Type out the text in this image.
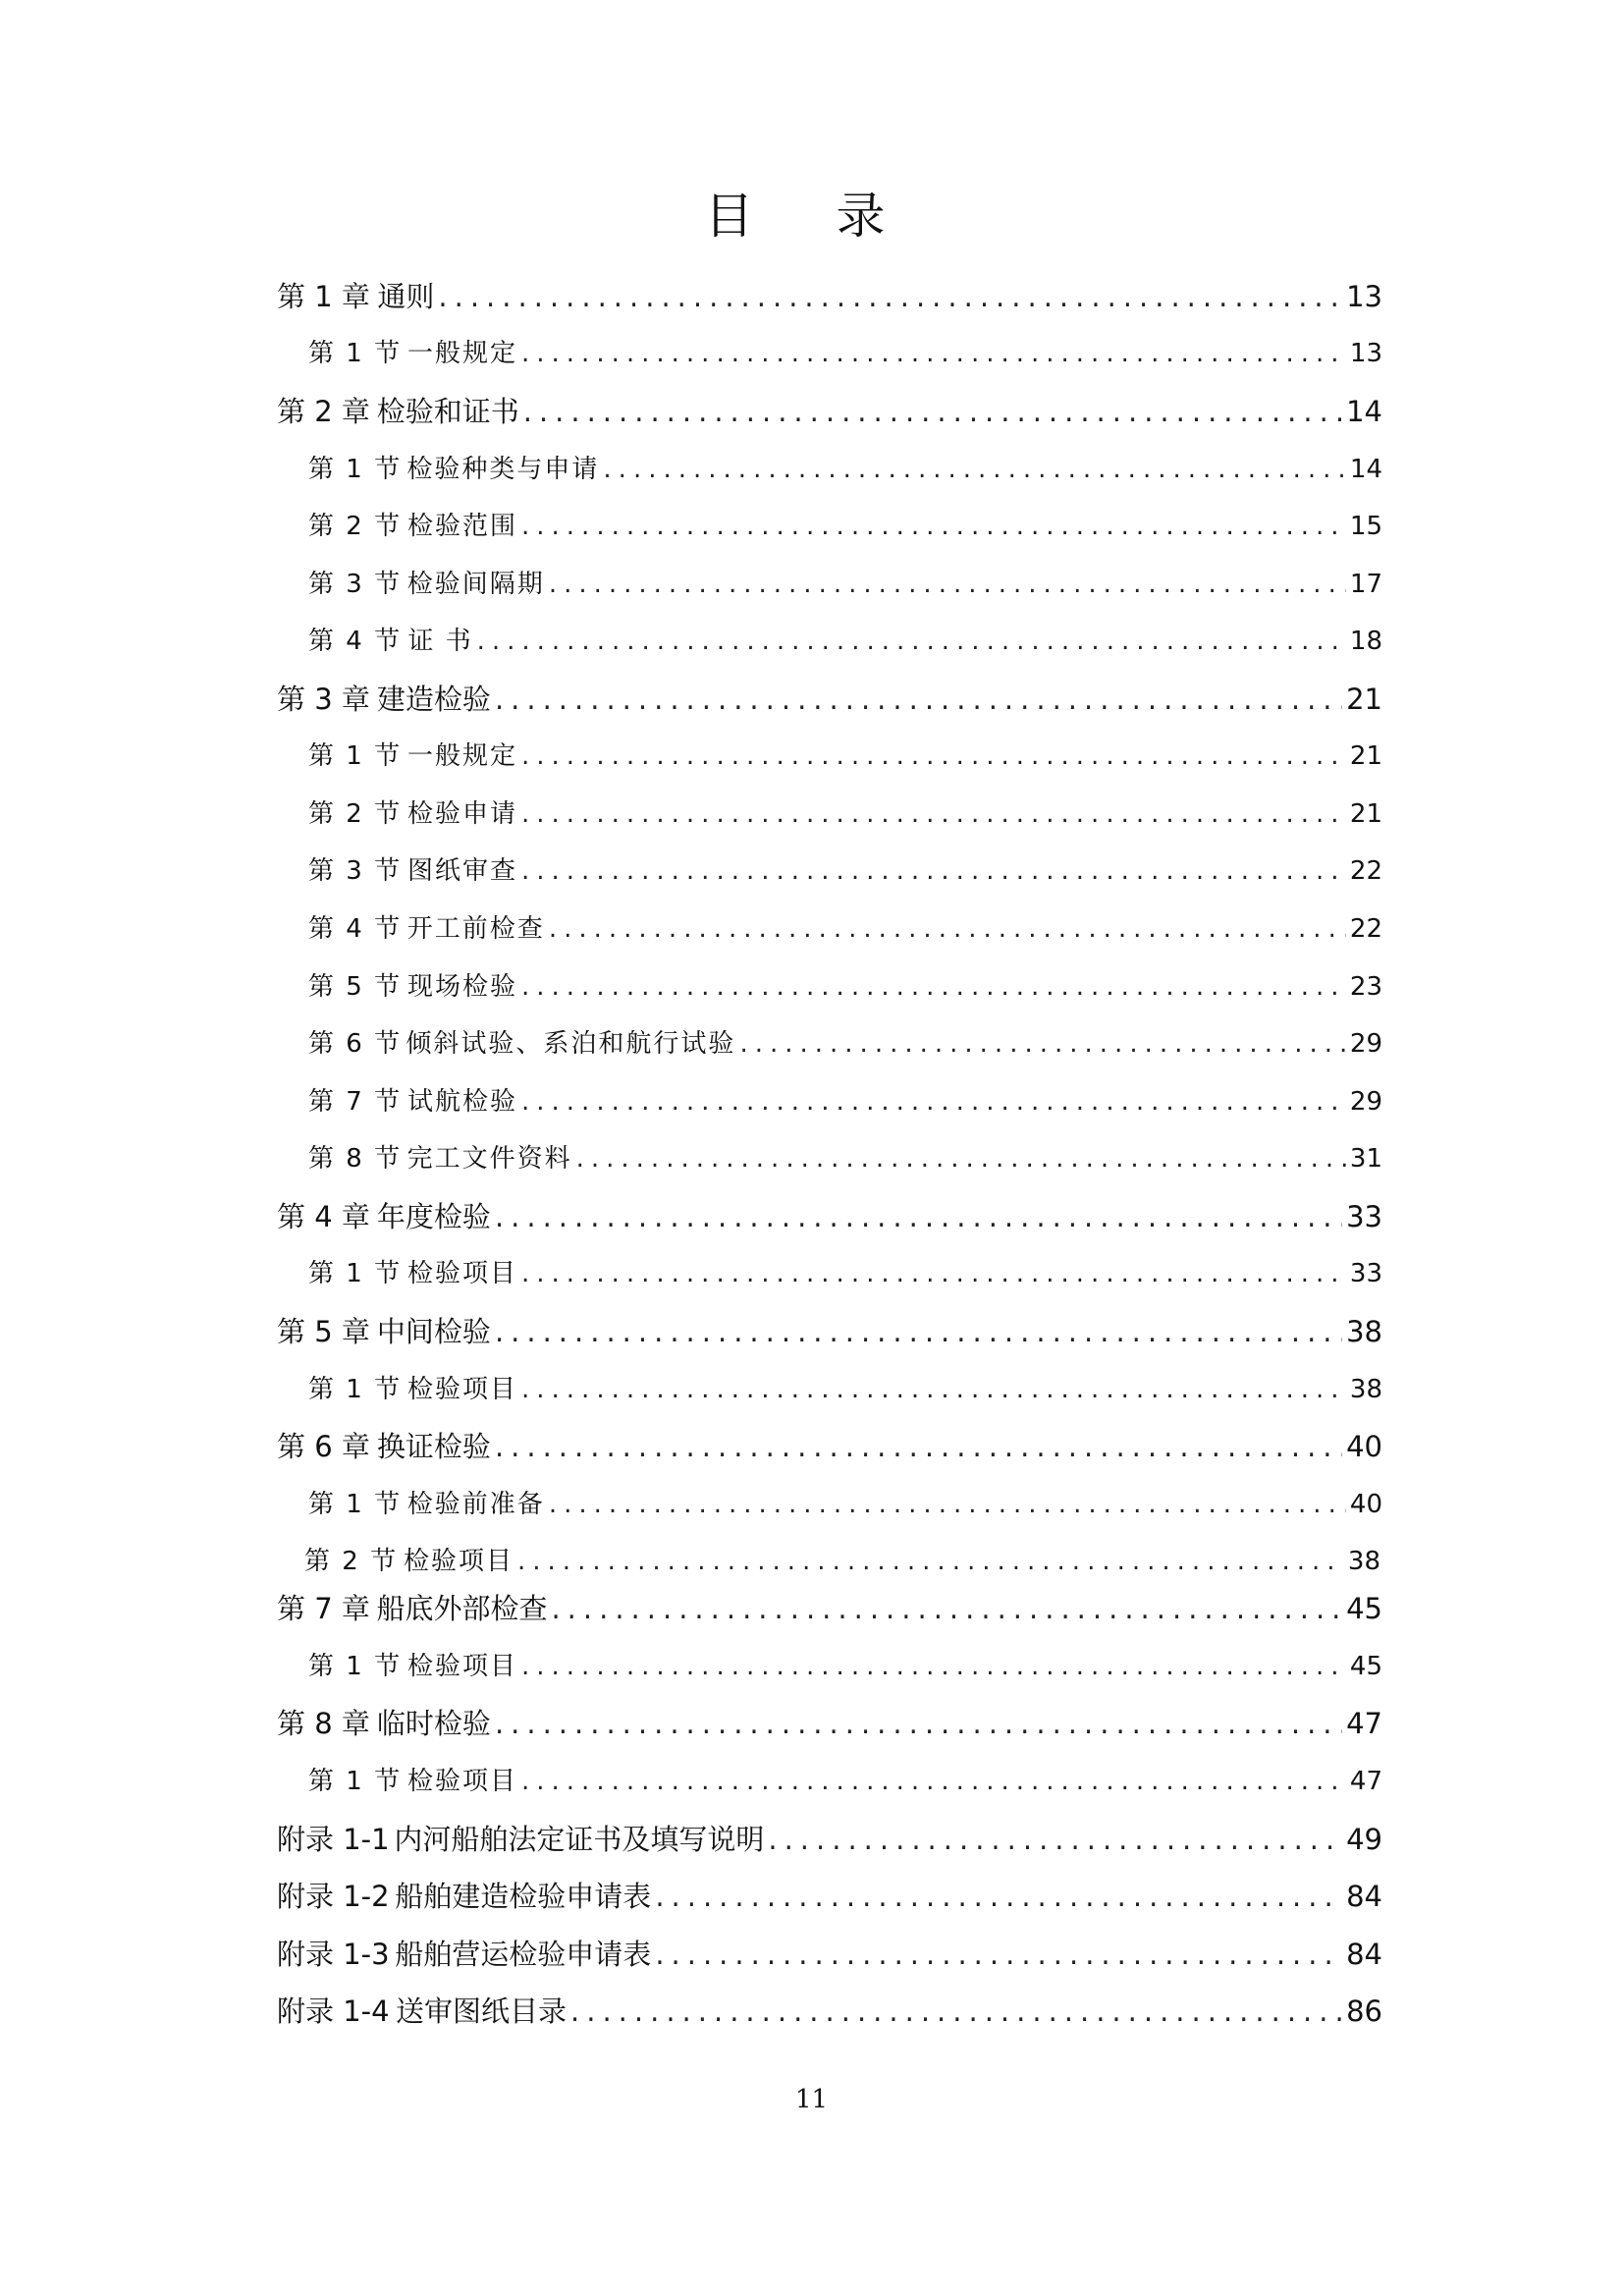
目 录
第 1 章 通则 .....	13
第 1 节 一般规定 .....	13
第 2 章 检验和证书 .....	14
第 1 节 检验种类与申请 .....	14
第 2 节 检验范围 .....	15
第 3 节 检验间隔期 .....	17
第 4 节 证 书 .....	18
第 3 章 建造检验 .....	21
第 1 节 一般规定 .....	21
第 2 节 检验申请 .....	21
第 3 节 图纸审查 .....	22
第 4 节 开工前检查 .....	22
第 5 节 现场检验 .....	23
第 6 节 倾斜试验、系泊和航行试验 .....	29
第 7 节 试航检验 .....	29
第 8 节 完工文件资料 .....	31
第 4 章 年度检验 .....	33
第 1 节 检验项目 .....	33
第 5 章 中间检验 .....	38
第 1 节 检验项目 .....	38
第 6 章 换证检验 .....	40
第 1 节 检验前准备 .....	40
第 2 节 检验项目 .....	38
第 7 章 船底外部检查 .....	45
第 1 节 检验项目 .....	45
第 8 章 临时检验 .....	47
第 1 节 检验项目 .....	47
附录 1-1 内河船舶法定证书及填写说明 .....	49
附录 1-2 船舶建造检验申请表 .....	84
附录 1-3 船舶营运检验申请表 .....	84
附录 1-4 送审图纸目录 .....	86
11
